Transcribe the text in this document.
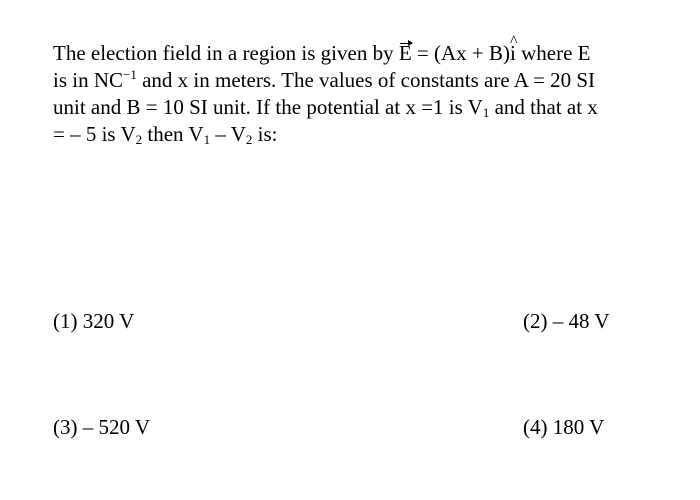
The election field in a region is given by E = (Ax + B)i ^ where E
is in $NC^{-1}$ and x in meters. The values of constants are A = 20 SI
unit and B = 10 SI unit. If the potential at x =1 is $V_1$ and that at x
= – 5 is $V_2$ then $V_1 - V_2$ is:
(1) 320 V	(2) – 48 V
(3) – 520 V	(4) 180 V
